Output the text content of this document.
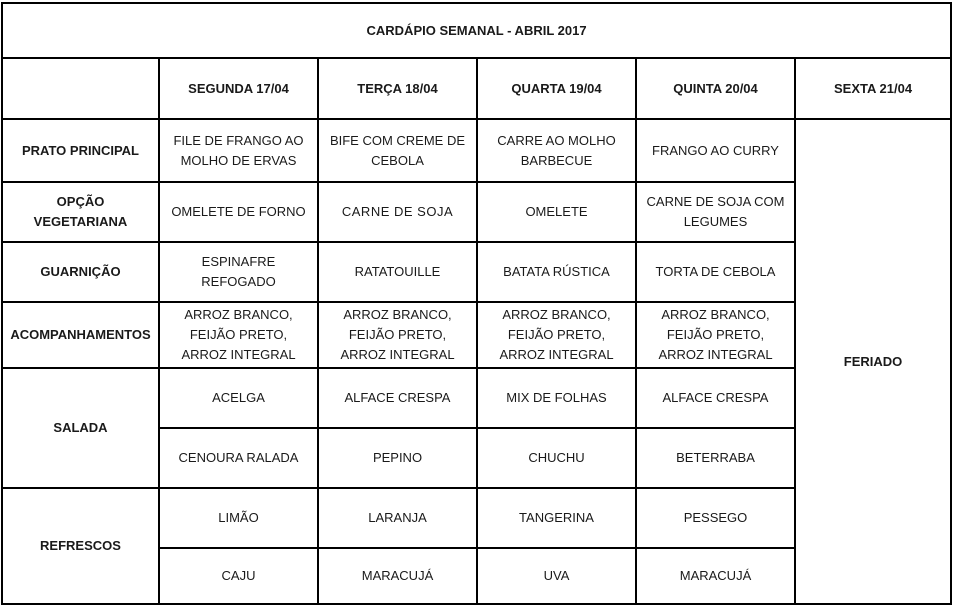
CARDÁPIO SEMANAL - ABRIL 2017					
	SEGUNDA 17/04	TERÇA 18/04	QUARTA 19/04	QUINTA 20/04	SEXTA 21/04
PRATO PRINCIPAL	FILE DE FRANGO AO MOLHO DE ERVAS	BIFE COM CREME DE CEBOLA	CARRE AO MOLHO BARBECUE	FRANGO AO CURRY	FERIADO
OPÇÃO VEGETARIANA	OMELETE DE FORNO	CARNE DE SOJA	OMELETE	CARNE DE SOJA COM LEGUMES	
GUARNIÇÃO	ESPINAFRE REFOGADO	RATATOUILLE	BATATA RÚSTICA	TORTA DE CEBOLA	
ACOMPANHAMENTOS	ARROZ BRANCO, FEIJÃO PRETO, ARROZ INTEGRAL	ARROZ BRANCO, FEIJÃO PRETO, ARROZ INTEGRAL	ARROZ BRANCO, FEIJÃO PRETO, ARROZ INTEGRAL	ARROZ BRANCO, FEIJÃO PRETO, ARROZ INTEGRAL	
SALADA	ACELGA	ALFACE CRESPA	MIX DE FOLHAS	ALFACE CRESPA	
	CENOURA RALADA	PEPINO	CHUCHU	BETERRABA	
REFRESCOS	LIMÃO	LARANJA	TANGERINA	PESSEGO	
	CAJU	MARACUJÁ	UVA	MARACUJÁ	
